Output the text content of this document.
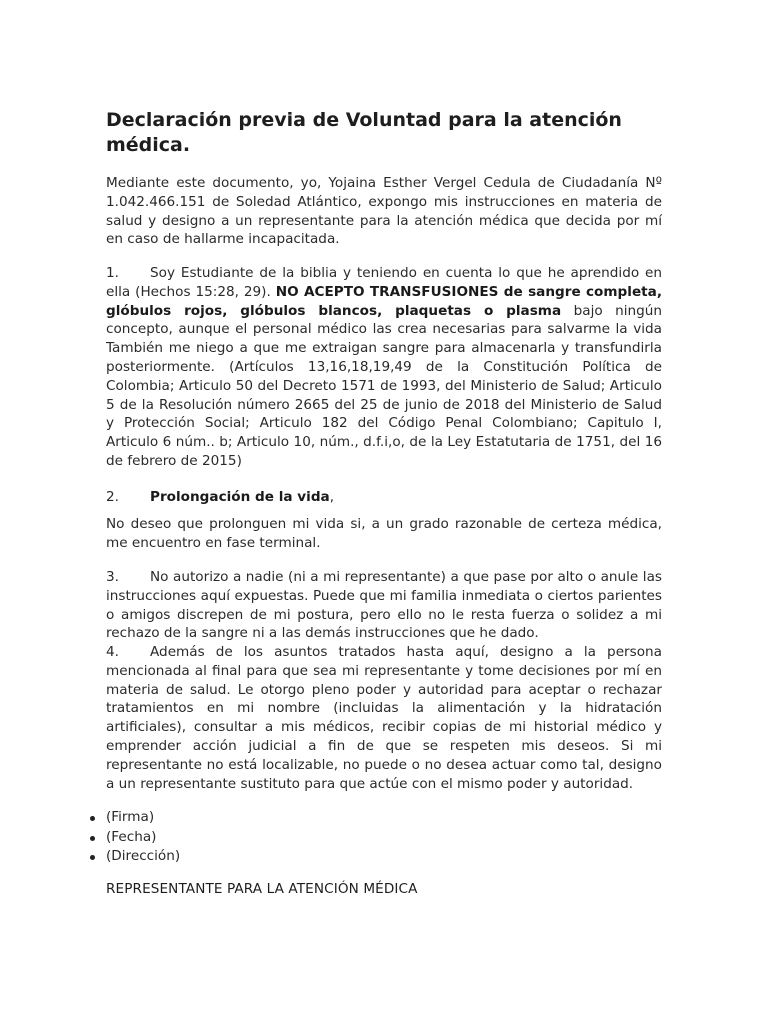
Declaración previa de Voluntad para la atención médica.

Mediante este documento, yo, Yojaina Esther Vergel Cedula de Ciudadanía Nº 1.042.466.151 de Soledad Atlántico, expongo mis instrucciones en materia de salud y designo a un representante para la atención médica que decida por mí en caso de hallarme incapacitada.

1. Soy Estudiante de la biblia y teniendo en cuenta lo que he aprendido en ella (Hechos 15:28, 29). NO ACEPTO TRANSFUSIONES de sangre completa, glóbulos rojos, glóbulos blancos, plaquetas o plasma bajo ningún concepto, aunque el personal médico las crea necesarias para salvarme la vida También me niego a que me extraigan sangre para almacenarla y transfundirla posteriormente. (Artículos 13,16,18,19,49 de la Constitución Política de Colombia; Articulo 50 del Decreto 1571 de 1993, del Ministerio de Salud; Articulo 5 de la Resolución número 2665 del 25 de junio de 2018 del Ministerio de Salud y Protección Social; Articulo 182 del Código Penal Colombiano; Capitulo I, Articulo 6 núm.. b; Articulo 10, núm., d.f.i,o, de la Ley Estatutaria de 1751, del 16 de febrero de 2015)

2. Prolongación de la vida,

No deseo que prolonguen mi vida si, a un grado razonable de certeza médica, me encuentro en fase terminal.

3. No autorizo a nadie (ni a mi representante) a que pase por alto o anule las instrucciones aquí expuestas. Puede que mi familia inmediata o ciertos parientes o amigos discrepen de mi postura, pero ello no le resta fuerza o solidez a mi rechazo de la sangre ni a las demás instrucciones que he dado.

4. Además de los asuntos tratados hasta aquí, designo a la persona mencionada al final para que sea mi representante y tome decisiones por mí en materia de salud. Le otorgo pleno poder y autoridad para aceptar o rechazar tratamientos en mi nombre (incluidas la alimentación y la hidratación artificiales), consultar a mis médicos, recibir copias de mi historial médico y emprender acción judicial a fin de que se respeten mis deseos. Si mi representante no está localizable, no puede o no desea actuar como tal, designo a un representante sustituto para que actúe con el mismo poder y autoridad.

(Firma)
(Fecha)
(Dirección)

REPRESENTANTE PARA LA ATENCIÓN MÉDICA
